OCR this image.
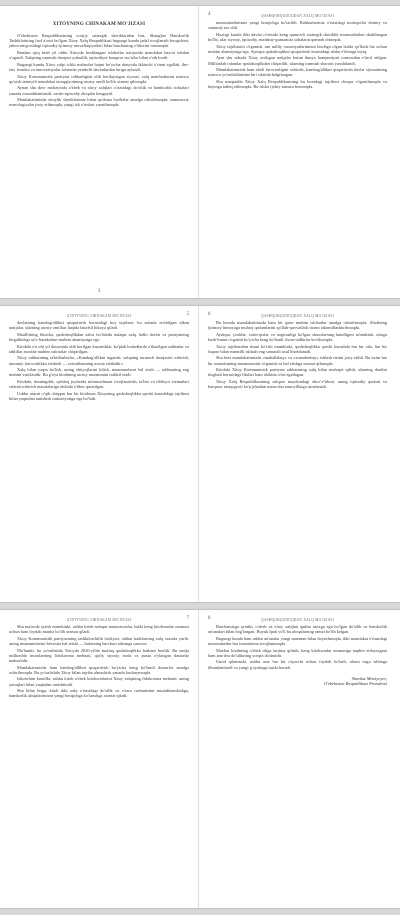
XITOYNING CHINAKAM MO'JIZASI

O'zbekiston Respublikasining xorijiy strategik sheriklaridan biri, Shanghai Hamkorlik Tashkilotining faol a'zosi bo'lgan Xitoy Xalq Respublikasi bugungi kunda jadal rivojlanish bosqichini, jahon miqyosidagi iqtisodiy-ijtimoiy muvaffaqiyatlari bilan barchaning e'tiborini tortmoqda.

Bundan qirq besh yil oldin Xitoyda boshlangan islohotlar natijasida mamlakat hayoti tubdan o'zgardi. Xalqning turmush darajasi yuksalib, iqtisodiyot barqaror sur'atlar bilan o'sib bordi.

Bugungi kunda Xitoy yalpi ichki mahsulot hajmi bo'yicha dunyoda ikkinchi o'rinni egallab, ilm-fan, texnika va innovatsiyalar sohasida yetakchi davlatlardan biriga aylandi.

Xitoy Kommunistik partiyasi rahbarligida olib borilayotgan siyosat, xalq manfaatlarini ustuvor qo'yish tamoyili mamlakat taraqqiyotining asosiy omili bo'lib xizmat qilmoqda.

Aynan shu davr mobaynida o'zbek va xitoy xalqlari o'rtasidagi do'stlik va hamkorlik rishtalari yanada mustahkamlandi, savdo-iqtisodiy aloqalar kengaydi.

Mamlakatimizda xitoylik sheriklarimiz bilan qo'shma loyihalar amalga oshirilmoqda, zamonaviy texnologiyalar joriy etilmoqda, yangi ish o'rinlari yaratilmoqda.

3
4	QASHQORQUDUQDAN XALQ MO'JIZASI

munosabatlarimiz yangi bosqichga ko'tarildi. Rahbarlarimiz o'rtasidagi muloqotlar doimiy va samimiy tus oldi.

Hozirgi kunda ikki davlat o'rtasida keng qamrovli strategik sheriklik munosabatlari shakllangan bo'lib, ular siyosiy, iqtisodiy, madaniy-gumanitar sohalarni qamrab olmoqda.

Xitoy tajribasini o'rganish, uni milliy xususiyatlarimizni hisobga olgan holda qo'llash biz uchun muhim ahamiyatga ega. Ayniqsa qashshoqlikni qisqartirish borasidagi ishlar e'tiborga loyiq.

Ayni shu sohada Xitoy erishgan natijalar butun dunyo hamjamiyati tomonidan e'tirof etilgan. Millionlab odamlar qashshoqlikdan chiqarildi, ularning turmush sharoiti yaxshilandi.

Mamlakatimizda ham aholi farovonligini oshirish, kambag'allikni qisqartirish davlat siyosatining ustuvor yo'nalishlaridan biri sifatida belgilangan.

Shu maqsadda Xitoy Xalq Respublikasining bu boradagi tajribasi chuqur o'rganilmoqda va hayotga tatbiq etilmoqda. Bu ishlar ijobiy samara bermoqda.

XITOYNING CHINAKAM MO'JIZASI	5

davlatning kambag'allikni qisqartirish borasidagi boy tajribasi, bu sohada erishilgan ulkan natijalar, ularning asosiy omillari haqida batafsil hikoya qiladi.

Muallifning fikricha, qashshoqlikdan xalos bo'lishda nafaqat xalq, balki davlat va jamiyatning birgalikdagi sa'y-harakatlari muhim ahamiyatga ega.

Kitobda o'n olti yil davomida olib borilgan kuzatishlar, ko'plab hududlarda o'tkazilgan suhbatlar va tahlillar asosida muhim xulosalar chiqarilgan.

Xitoy rahbarining ta'kidlashicha, «Kambag'allikni tugatish, xalqning turmush darajasini oshirish, umumiy farovonlikka erishish — sotsializmning asosiy talabidir».

Xalq bilan yaqin bo'lish, uning ehtiyojlarini bilish, muammolarni hal etish — rahbarning eng muhim vazifasidir. Bu g'oya kitobning asosiy mazmunini tashkil etadi.

Kitobda, shuningdek, qishloq joylarida infratuzilmani rivojlantirish, ta'lim va tibbiyot xizmatlari sifatini oshirish masalalariga alohida e'tibor qaratilgan.

Ushbu asarni o'qib chiqqan har bir kitobxon Xitoyning qashshoqlikka qarshi kurashdagi tajribasi bilan yaqindan tanishish imkoniyatiga ega bo'ladi.

6	QASHQORQUDUQDAN XALQ MO'JIZASI

Bu borada mamlakatimizda ham bir qator muhim islohotlar amalga oshirilmoqda. Aholining ijtimoiy himoyaga muhtoj qatlamlarini qo'llab-quvvatlash tizimi takomillashtirilmoqda.

Ayniqsa, yoshlar, xotin-qizlar va nogironligi bo'lgan shaxslarning bandligini ta'minlash, ularga kasb-hunar o'rgatish bo'yicha keng ko'lamli chora-tadbirlar ko'rilmoqda.

Xitoy tajribasidan shuni ko'rish mumkinki, qashshoqlikka qarshi kurashda har bir oila, har bir fuqaro bilan manzilli ishlash eng samarali usul hisoblanadi.

Shu bois mamlakatimizda «mahallabay» va «xonadonbay» ishlash tizimi joriy etildi. Bu tizim har bir xonadonning muammosini o'rganish va hal etishga xizmat qilmoqda.

Kitobda Xitoy Kommunistik partiyasi rahbarining xalq bilan muloqot qilish, ularning dardini tinglash borasidagi fikrlari ham alohida o'rin egallagan.

Xitoy Xalq Respublikasining xalqaro maydondagi obro'-e'tibori, uning iqtisodiy qudrati va barqaror taraqqiyoti ko'p jihatdan mana shu tamoyillarga asoslanadi.

XITOYNING CHINAKAM MO'JIZASI	7

Shu ma'noda aytish mumkinki, ushbu kitob nafaqat mutaxassislar, balki keng kitobxonlar ommasi uchun ham foydali manba bo'lib xizmat qiladi.

Xitoy Kommunistik partiyasining tashkilotchilik faoliyati, rahbar kadrlarning xalq orasida yurib, uning muammolarini bevosita hal etishi — bularning barchasi tahsinga sazovor.

Ma'lumki, bu yo'nalishda Xitoyda 2020-yilda mutlaq qashshoqlikka barham berildi. Bu natija millionlab insonlarning fidokorona mehnati, qat'iy siyosiy iroda va puxta o'ylangan dasturlar mahsulidir.

Mamlakatimizda ham kambag'allikni qisqartirish bo'yicha keng ko'lamli dasturlar amalga oshirilmoqda. Bu yo'nalishda Xitoy bilan tajriba almashish yanada kuchaymoqda.

Ishonchim komilki, ushbu kitob o'zbek kitobxonlarini Xitoy xalqining fidokorona mehnati, uning yutuqlari bilan yaqindan tanishtiradi.

Shu bilan birga, kitob ikki xalq o'rtasidagi do'stlik va o'zaro tushunishni mustahkamlashga, hamkorlik aloqalarimizni yangi bosqichga ko'tarishga xizmat qiladi.

8	QASHQORQUDUQDAN XALQ MO'JIZASI

Barchamizga ayonki, o'zbek va xitoy xalqlari qadim tarixga ega bo'lgan do'stlik va hamkorlik an'analari bilan bog'langan. Buyuk Ipak yo'li bu aloqalarning ramzi bo'lib kelgan.

Bugungi kunda ham ushbu an'analar yangi mazmun bilan boyitilmoqda, ikki mamlakat o'rtasidagi munosabatlar har tomonlama rivojlanmoqda.

Mazkur kitobning o'zbek tiliga tarjima qilinib, keng kitobxonlar ommasiga taqdim etilayotgani ham ana shu do'stlikning yorqin ifodasidir.

Umid qilamanki, ushbu asar har bir o'quvchi uchun foydali bo'ladi, ularni ezgu ishlarga ilhomlantiradi va yangi g'oyalarga turtki beradi.

Shavkat Mirziyoyev,
O'zbekiston Respublikasi Prezidenti
